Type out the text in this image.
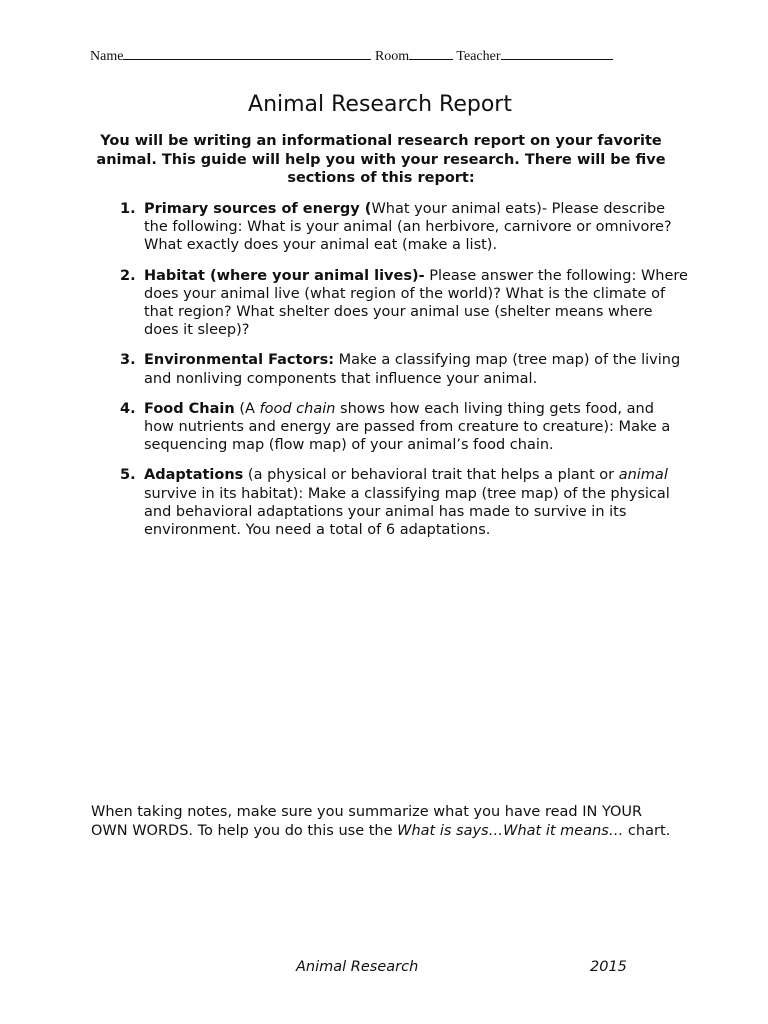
Name	Room	Teacher
Animal Research Report
You will be writing an informational research report on your favorite animal. This guide will help you with your research. There will be five sections of this report:
1. Primary sources of energy (What your animal eats)- Please describe the following: What is your animal (an herbivore, carnivore or omnivore? What exactly does your animal eat (make a list).
2. Habitat (where your animal lives)- Please answer the following: Where does your animal live (what region of the world)? What is the climate of that region? What shelter does your animal use (shelter means where does it sleep)?
3. Environmental Factors: Make a classifying map (tree map) of the living and nonliving components that influence your animal.
4. Food Chain (A food chain shows how each living thing gets food, and how nutrients and energy are passed from creature to creature): Make a sequencing map (flow map) of your animal’s food chain.
5. Adaptations (a physical or behavioral trait that helps a plant or animal survive in its habitat): Make a classifying map (tree map) of the physical and behavioral adaptations your animal has made to survive in its environment. You need a total of 6 adaptations.
When taking notes, make sure you summarize what you have read IN YOUR OWN WORDS. To help you do this use the What is says…What it means… chart.
Animal Research	2015
